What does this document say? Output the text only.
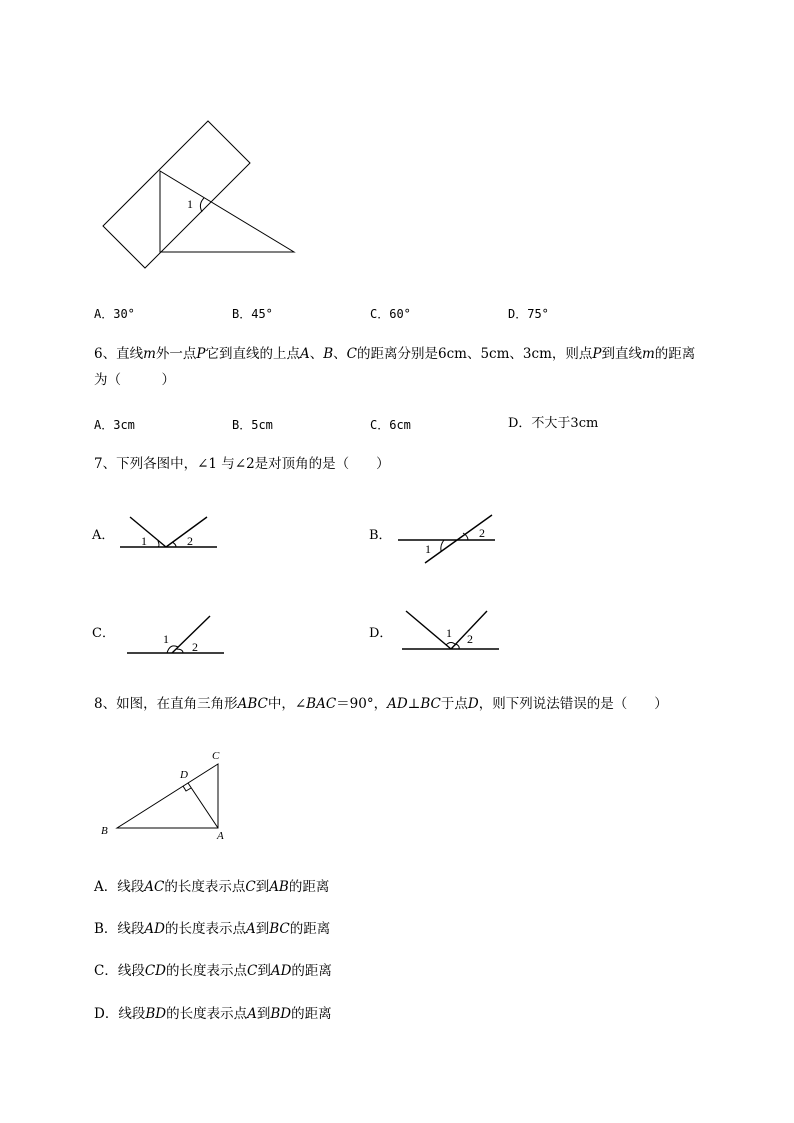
1
A．30°	B．45°	C．60°	D．75°
6、直线m外一点P它到直线的上点A、B、C的距离分别是6cm、5cm、3cm，则点P到直线m的距离
为（　　　）
A．3cm	B．5cm	C．6cm	D．不大于3cm
7、下列各图中，∠1 与∠2是对顶角的是（　　）
A．	B．
C．	D．
1	2
1
2
1
2
1 2
8、如图，在直角三角形ABC中，∠BAC＝90°，AD⊥BC于点D，则下列说法错误的是（　　）
C
D
B	A
A．线段AC的长度表示点C到AB的距离
B．线段AD的长度表示点A到BC的距离
C．线段CD的长度表示点C到AD的距离
D．线段BD的长度表示点A到BD的距离
